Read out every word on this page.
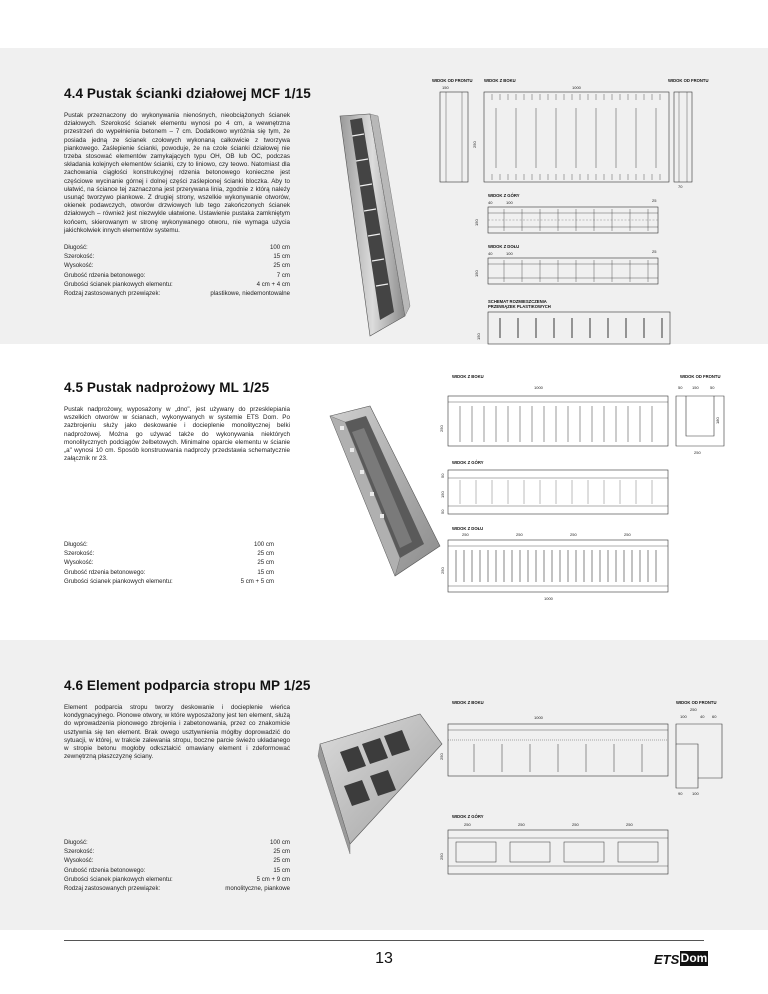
4.4 Pustak ścianki działowej MCF 1/15
Pustak przeznaczony do wykonywania nienośnych, nieobciążonych ścianek działowych. Szerokość ścianek elementu wynosi po 4 cm, a wewnętrzna przestrzeń do wypełnienia betonem – 7 cm. Dodatkowo wyróżnia się tym, że posiada jedną ze ścianek czołowych wykonaną całkowicie z tworzywa piankowego. Zaślepienie ścianki, powoduje, że na czole ścianki działowej nie trzeba stosować elementów zamykających typu OH, OB lub OC, podczas składania kolejnych elementów ścianki, czy to liniowo, czy teowo. Natomiast dla zachowania ciągłości konstrukcyjnej rdzenia betonowego konieczne jest częściowe wycinanie górnej i dolnej części zaślepionej ścianki bloczka. Aby to ułatwić, na ściance tej zaznaczona jest przerywana linia, zgodnie z którą należy usunąć tworzywo piankowe. Z drugiej strony, wszelkie wykonywanie otworów, okienek podawczych, otworów drzwiowych lub tego zakończonych ścianek działowych – również jest niezwykle ułatwione. Ustawienie pustaka zamkniętym końcem, skierowanym w stronę wykonywanego otworu, nie wymaga użycia jakichkolwiek innych elementów systemu.
Długość:	100 cm
Szerokość:	15 cm
Wysokość:	25 cm
Grubość rdzenia betonowego:	7 cm
Grubości ścianek piankowych elementu:	4 cm + 4 cm
Rodzaj zastosowanych przewiązek:	plastikowe, niedemontowalne
WIDOK OD FRONTU	WIDOK Z BOKU	WIDOK OD FRONTU
150	1000
250
70
WIDOK Z GÓRY
40	100	25
150
WIDOK Z DOŁU
40	100	25
150
SCHEMAT ROZMIESZCZENIA
PRZEWIĄZEK PLASTIKOWYCH
150
4.5 Pustak nadprożowy ML 1/25
Pustak nadprożowy, wyposażony w „dno", jest używany do przesklepiania wszelkich otworów w ścianach, wykonywanych w systemie ETS Dom. Po zazbrojeniu służy jako deskowanie i docieplenie monolitycznej belki nadprożowej. Można go używać także do wykonywania niektórych monolitycznych podciągów żelbetowych. Minimalne oparcie elementu w ścianie „a" wynosi 10 cm. Sposób konstruowania nadproży przedstawia schematycznie załącznik nr 23.
Długość:	100 cm
Szerokość:	25 cm
Wysokość:	25 cm
Grubość rdzenia betonowego:	15 cm
Grubości ścianek piankowych elementu:	5 cm + 5 cm
WIDOK Z BOKU	WIDOK OD FRONTU
1000	50 150	50
250
180
250
WIDOK Z GÓRY
50
150
50
WIDOK Z DOŁU
250	250	250	250
1000
250
4.6 Element podparcia stropu MP 1/25
Element podparcia stropu tworzy deskowanie i docieplenie wieńca kondygnacyjnego. Pionowe otwory, w które wyposzażony jest ten element, służą do wprowadzenia pionowego zbrojenia i zabetonowania, przez co znakomicie usztywnia się ten element. Brak owego usztywnienia mógłby doprowadzić do sytuacji, w której, w trakcie zalewania stropu, boczne parcie świeżo układanego w stropie betonu mogłoby odkształcić omawiany element i zdeformować zewnętrzną płaszczyznę ściany.
Długość:	100 cm
Szerokość:	25 cm
Wysokość:	25 cm
Grubość rdzenia betonowego:	15 cm
Grubości ścianek piankowych elementu:	5 cm + 9 cm
Rodzaj zastosowanych przewiązek:	monolityczne, piankowe
WIDOK Z BOKU	WIDOK OD FRONTU
250
100	40 60
1000
250
90 100
WIDOK Z GÓRY
250	250	250	250
250
13	ETS Dom
